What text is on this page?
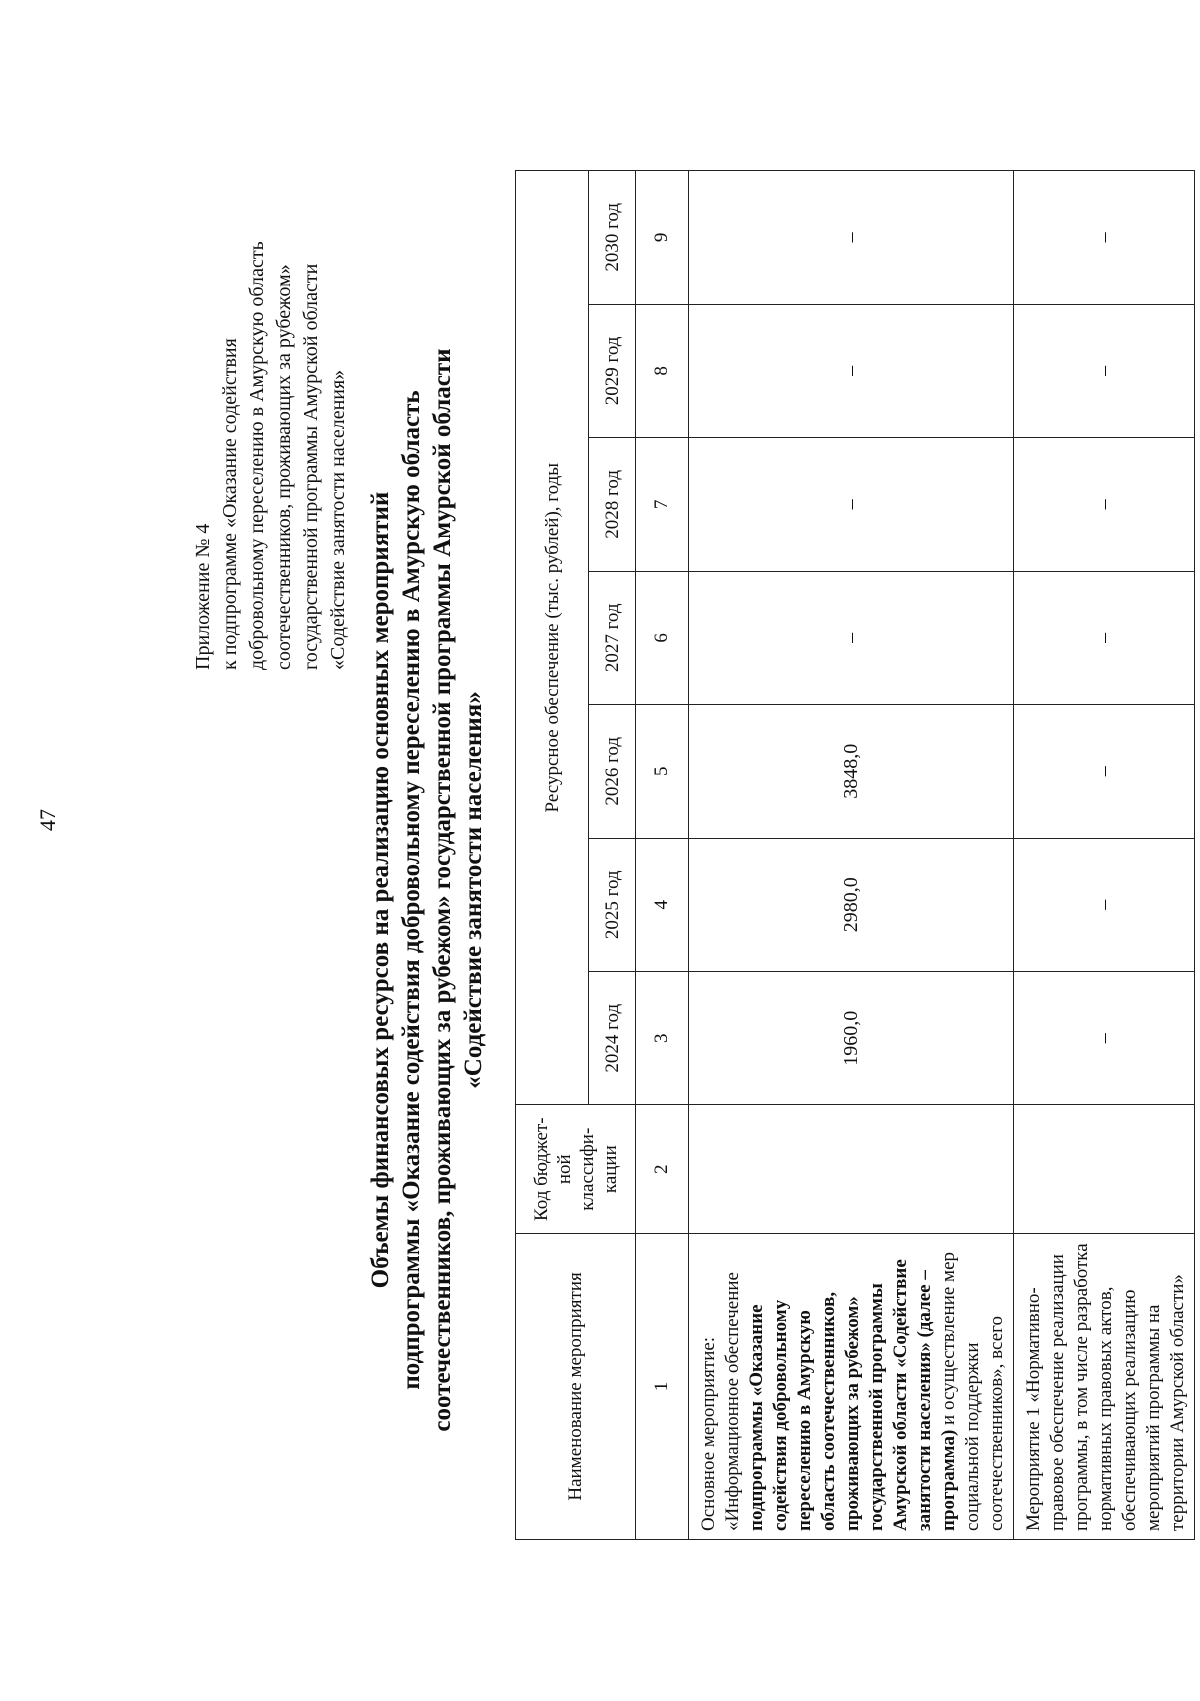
47
Приложение № 4 к подпрограмме «Оказание содействия добровольному переселению в Амурскую область соотечественников, проживающих за рубежом» государственной программы Амурской области «Содействие занятости населения» Объемы финансовых ресурсов на реализацию основных мероприятий подпрограммы «Оказание содействия добровольному переселению в Амурскую область соотечественников, проживающих за рубежом» государственной программы Амурской области «Содействие занятости населения»
Наименование мероприятия	Код бюджет-ной классифи-кации	Ресурсное обеспечение (тыс. рублей), годы						
		2024 год	2025 год	2026 год	2027 год	2028 год	2029 год	2030 год
1	2	3	4	5	6	7	8	9
Основное мероприятие: «Информационное обеспечение подпрограммы «Оказание содействия добровольному переселению в Амурскую область соотечественников, проживающих за рубежом» государственной программы Амурской области «Содействие занятости населения» (далее – программа) и осуществление мер социальной поддержки соотечественников», всего		1960,0	2980,0	3848,0	–	–	–	–
Мероприятие 1 «Нормативно-правовое обеспечение реализации программы, в том числе разработка нормативных правовых актов, обеспечивающих реализацию мероприятий программы на территории Амурской области»		–	–	–	–	–	–	–
